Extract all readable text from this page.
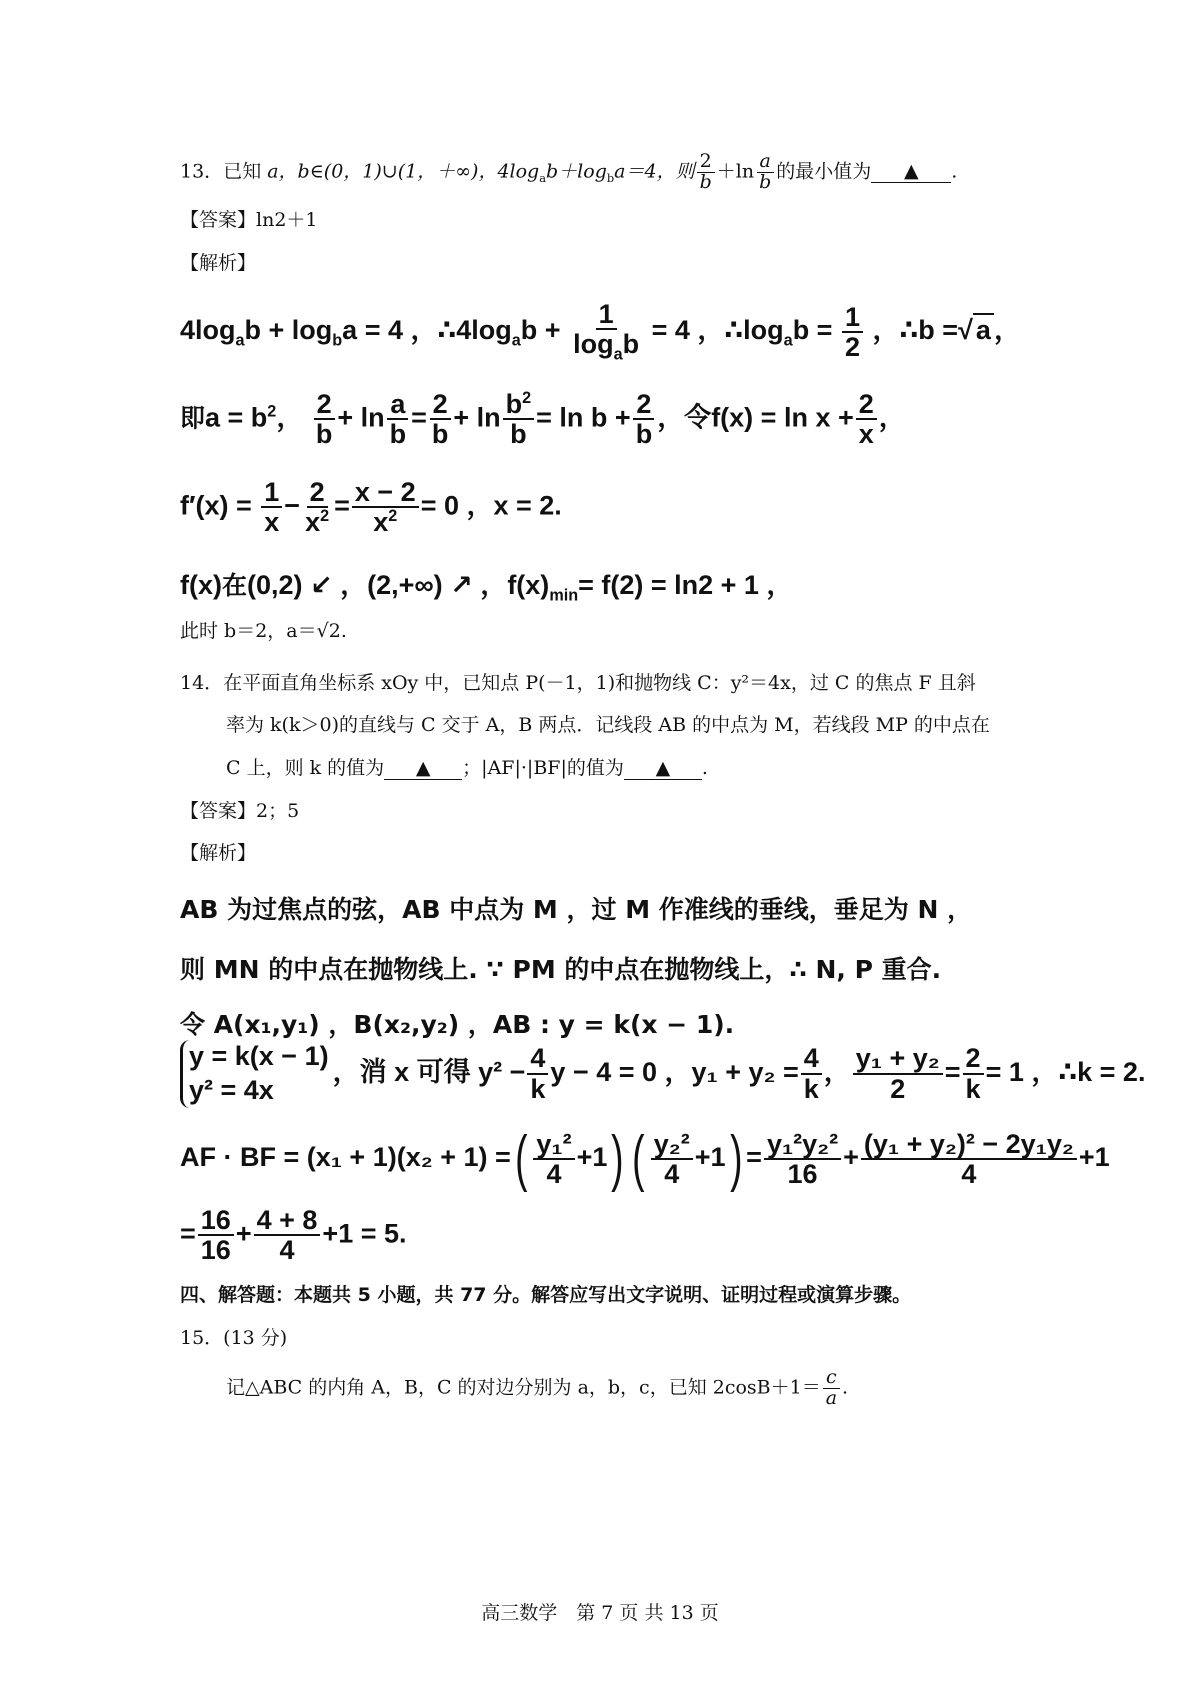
13．已知 a，b∈(0，1)∪(1，＋∞)，$4\log_ab+\log_ba=4$，则 $\frac{2}{b} +\ln \frac{a}{b}$ 的最小值为 ▲ .
【答案】ln2＋1
【解析】
$4\log_ab + \log_ba = 4$ ，$\therefore 4\log_ab + \frac{1}{\log_ab} = 4$ ，$\therefore\log_ab = \frac{1}{2}$ ，∴b =√ a ，
即$a = b^2$， $\frac{2}{b} + \ln \frac{a}{b} = \frac{2}{b} + \ln \frac{b^2}{b} = \ln b + \frac{2}{b}$ ，令$f(x) = \ln x + \frac{2}{x}$ ，
$f'(x) = \frac{1}{x} - \frac{2}{x^2} = \frac{x - 2}{x^2} = 0$ ，x = 2.
f(x)在(0,2) ↙ ，(2,+∞) ↗ ，$f(x)_{min}= f(2) = \ln 2 + 1$ ，
此时 b＝2，a＝√2.
14．在平面直角坐标系 xOy 中，已知点 P(－1，1)和抛物线 C：y²＝4x，过 C 的焦点 F 且斜
率为 k(k＞0)的直线与 C 交于 A，B 两点．记线段 AB 的中点为 M，若线段 MP 的中点在
C 上，则 k 的值为 ▲ ；|AF|·|BF|的值为 ▲ .
【答案】2；5
【解析】
AB 为过焦点的弦，AB 中点为 M ，过 M 作准线的垂线，垂足为 N ，
则 MN 的中点在抛物线上. ∵ PM 的中点在抛物线上，∴ N, P 重合.
令 A(x₁,y₁) ，B(x₂,y₂) ，AB : y = k(x − 1).
y = k(x − 1)
y² = 4x
，消 x 可得 $y^2 - \frac{4}{k}$ y − 4 = 0 ，$y_1 + y_2 = \frac{4}{k}$ ， $\frac{\text{y₁ + y₂}}{2} = \frac{2}{k} = 1$ ，∴k = 2.
AF · BF = (x₁ + 1)(x₂ + 1) =( $\frac{\text{y₁²}}{4} +1$) ( $\frac{\text{y₂²}}{4} +1) = \frac{\text{y₁²y₂²}}{16} + \frac{\text{(y₁ + y₂)² − 2y₁y₂}}{4} +1$
= $\frac{16}{16} + \frac{4 + 8}{4} +1 = 5$.
四、解答题：本题共 5 小题，共 77 分。解答应写出文字说明、证明过程或演算步骤。
15．(13 分)
记△ABC 的内角 A，B，C 的对边分别为 a，b，c，已知 $2\cos B+1= \frac{c}{a}$ .
高三数学　第 7 页 共 13 页
